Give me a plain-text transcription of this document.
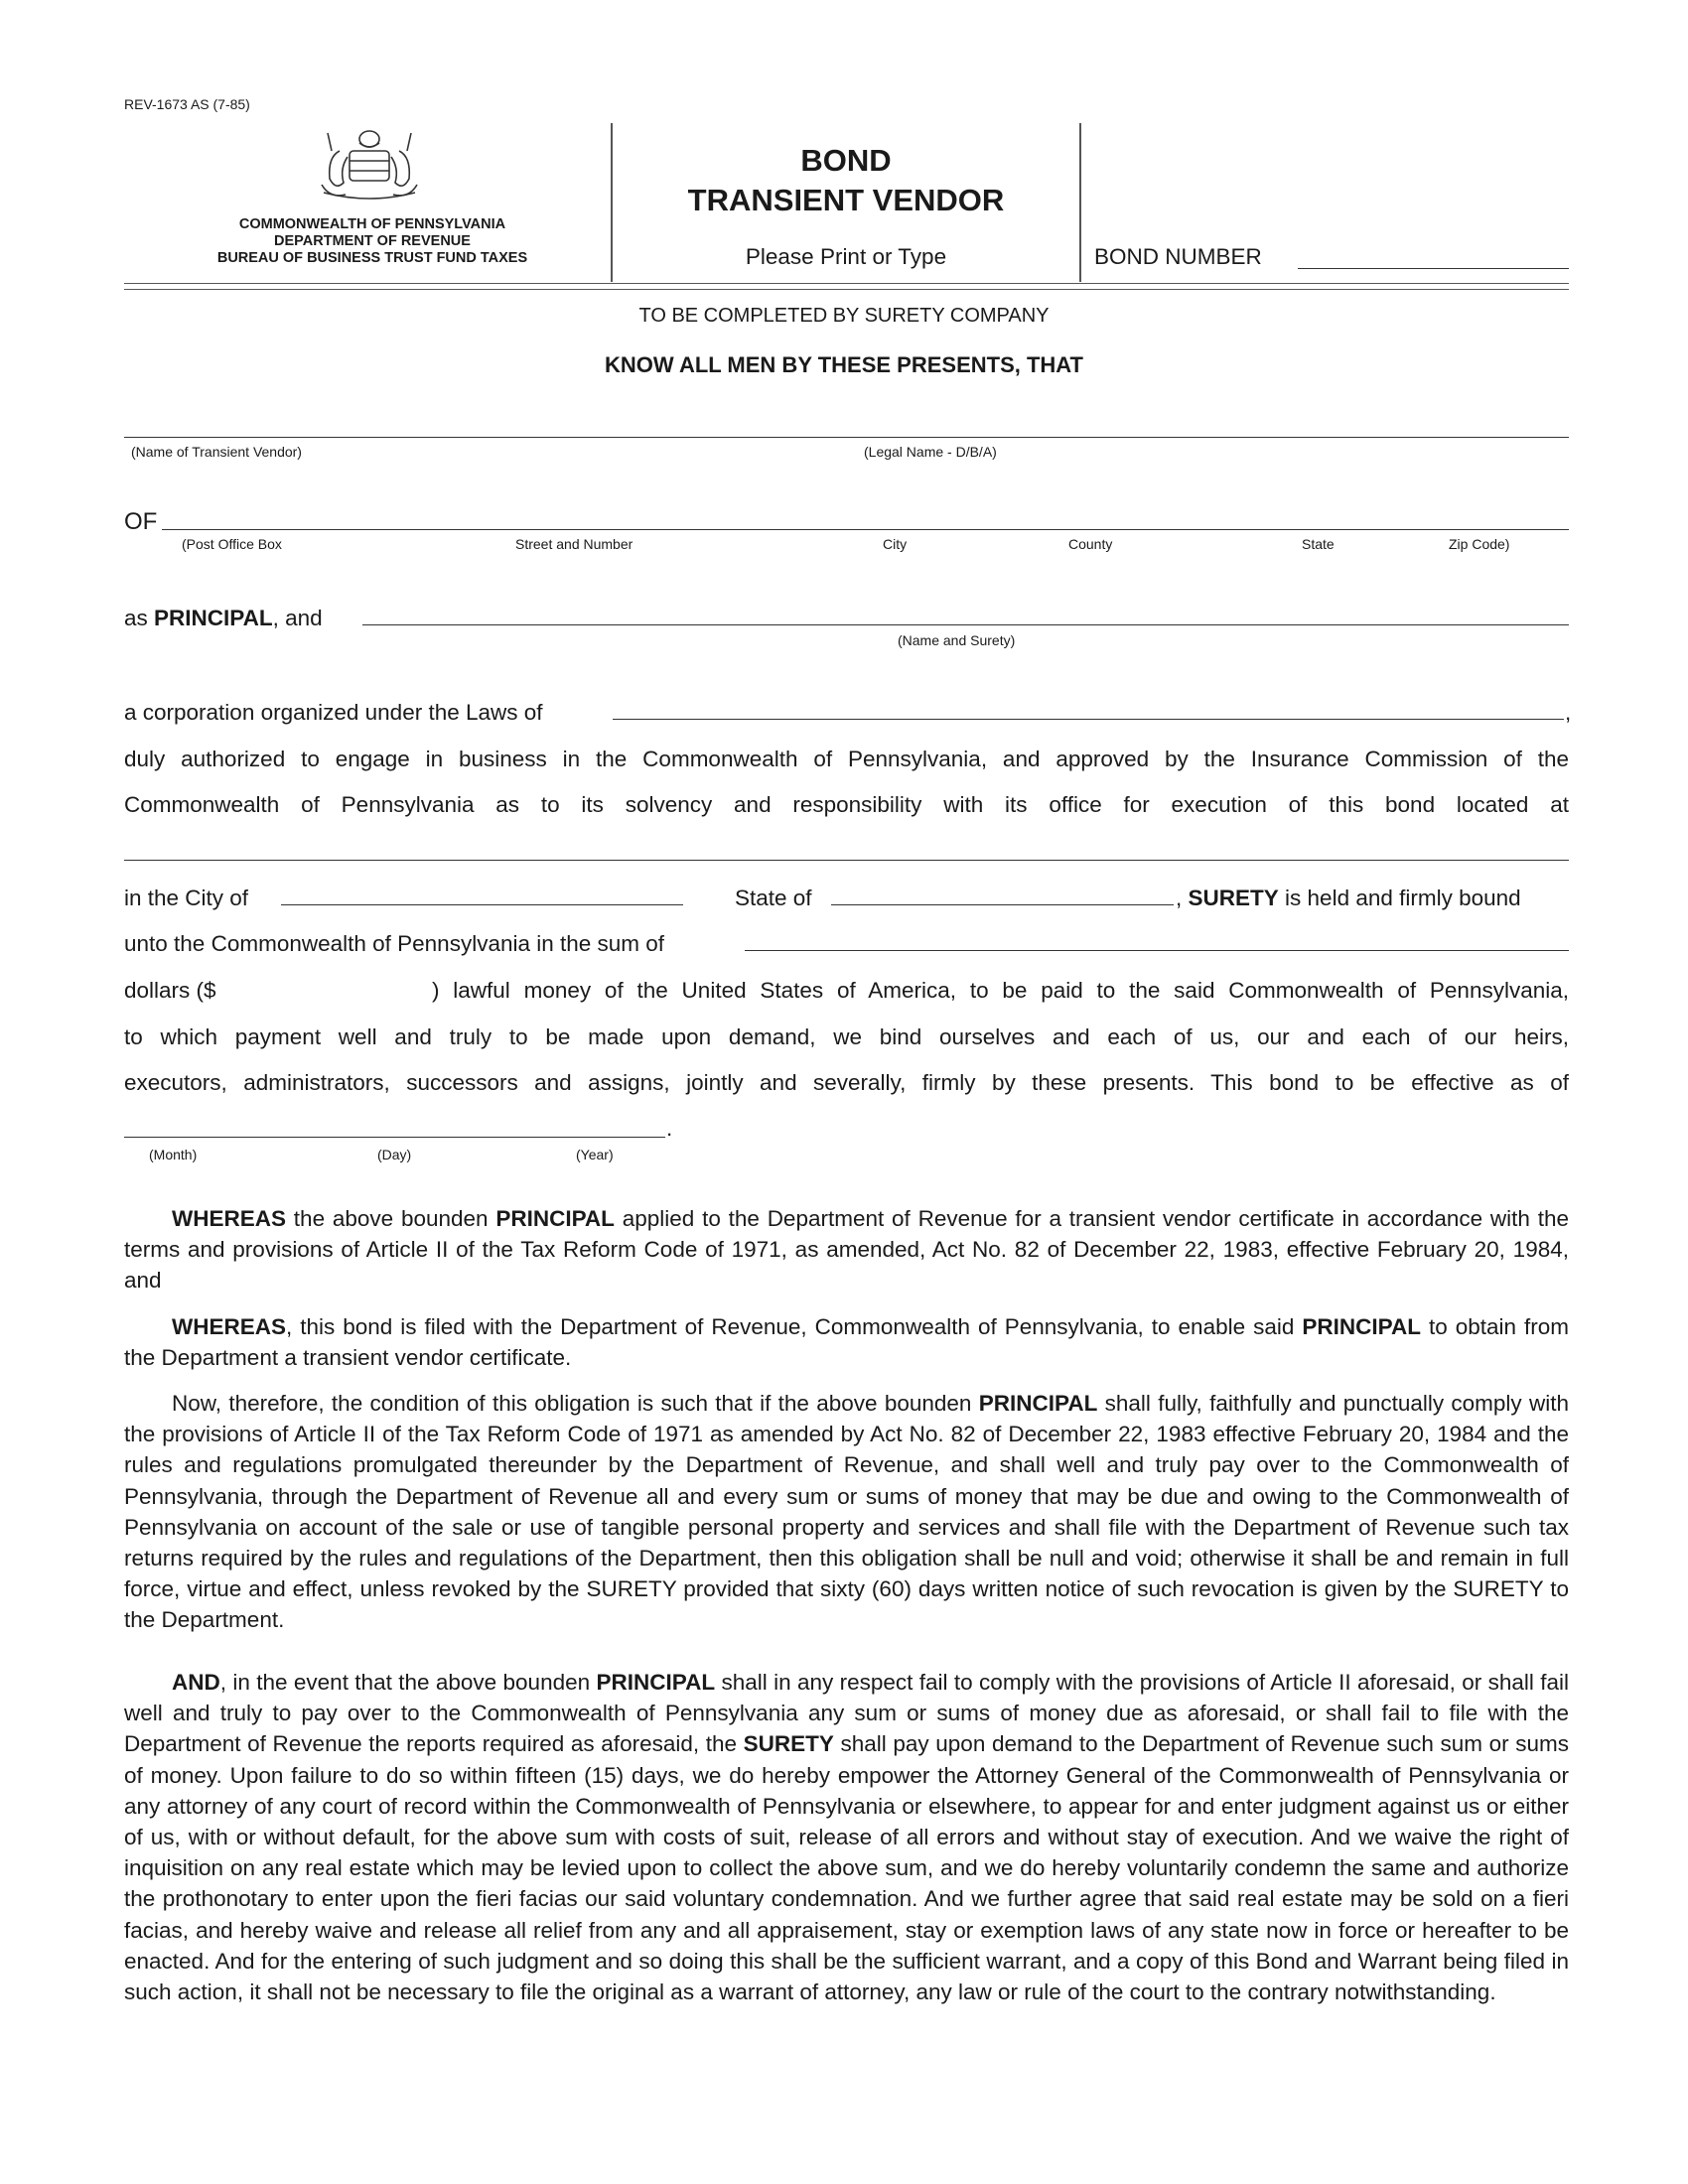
REV-1673 AS (7-85)
COMMONWEALTH OF PENNSYLVANIA
DEPARTMENT OF REVENUE
BUREAU OF BUSINESS TRUST FUND TAXES
BOND
TRANSIENT VENDOR
Please Print or Type	BOND NUMBER
TO BE COMPLETED BY SURETY COMPANY
KNOW ALL MEN BY THESE PRESENTS, THAT
(Name of Transient Vendor)	(Legal Name - D/B/A)
OF
(Post Office Box	Street and Number	City	County	State	Zip Code)
as PRINCIPAL, and
(Name and Surety)
a corporation organized under the Laws of	,
duly authorized to engage in business in the Commonwealth of Pennsylvania, and approved by the Insurance Commission of the
Commonwealth of Pennsylvania as to its solvency and responsibility with its office for execution of this bond located at
in the City of	State of	, SURETY is held and firmly bound
unto the Commonwealth of Pennsylvania in the sum of
dollars ($	) lawful money of the United States of America, to be paid to the said Commonwealth of Pennsylvania,
to which payment well and truly to be made upon demand, we bind ourselves and each of us, our and each of our heirs,
executors, administrators, successors and assigns, jointly and severally, firmly by these presents. This bond to be effective as of
.
(Month)	(Day)	(Year)
WHEREAS the above bounden PRINCIPAL applied to the Department of Revenue for a transient vendor certificate in accordance with the terms and provisions of Article II of the Tax Reform Code of 1971, as amended, Act No. 82 of December 22, 1983, effective February 20, 1984, and
WHEREAS, this bond is filed with the Department of Revenue, Commonwealth of Pennsylvania, to enable said PRINCIPAL to obtain from the Department a transient vendor certificate.
Now, therefore, the condition of this obligation is such that if the above bounden PRINCIPAL shall fully, faithfully and punctually comply with the provisions of Article II of the Tax Reform Code of 1971 as amended by Act No. 82 of December 22, 1983 effective February 20, 1984 and the rules and regulations promulgated thereunder by the Department of Revenue, and shall well and truly pay over to the Commonwealth of Pennsylvania, through the Department of Revenue all and every sum or sums of money that may be due and owing to the Commonwealth of Pennsylvania on account of the sale or use of tangible personal property and services and shall file with the Department of Revenue such tax returns required by the rules and regulations of the Department, then this obligation shall be null and void; otherwise it shall be and remain in full force, virtue and effect, unless revoked by the SURETY provided that sixty (60) days written notice of such revocation is given by the SURETY to the Department.
AND, in the event that the above bounden PRINCIPAL shall in any respect fail to comply with the provisions of Article II aforesaid, or shall fail well and truly to pay over to the Commonwealth of Pennsylvania any sum or sums of money due as aforesaid, or shall fail to file with the Department of Revenue the reports required as aforesaid, the SURETY shall pay upon demand to the Department of Revenue such sum or sums of money. Upon failure to do so within fifteen (15) days, we do hereby empower the Attorney General of the Commonwealth of Pennsylvania or any attorney of any court of record within the Commonwealth of Pennsylvania or elsewhere, to appear for and enter judgment against us or either of us, with or without default, for the above sum with costs of suit, release of all errors and without stay of execution. And we waive the right of inquisition on any real estate which may be levied upon to collect the above sum, and we do hereby voluntarily condemn the same and authorize the prothonotary to enter upon the fieri facias our said voluntary condemnation. And we further agree that said real estate may be sold on a fieri facias, and hereby waive and release all relief from any and all appraisement, stay or exemption laws of any state now in force or hereafter to be enacted. And for the entering of such judgment and so doing this shall be the sufficient warrant, and a copy of this Bond and Warrant being filed in such action, it shall not be necessary to file the original as a warrant of attorney, any law or rule of the court to the contrary notwithstanding.
